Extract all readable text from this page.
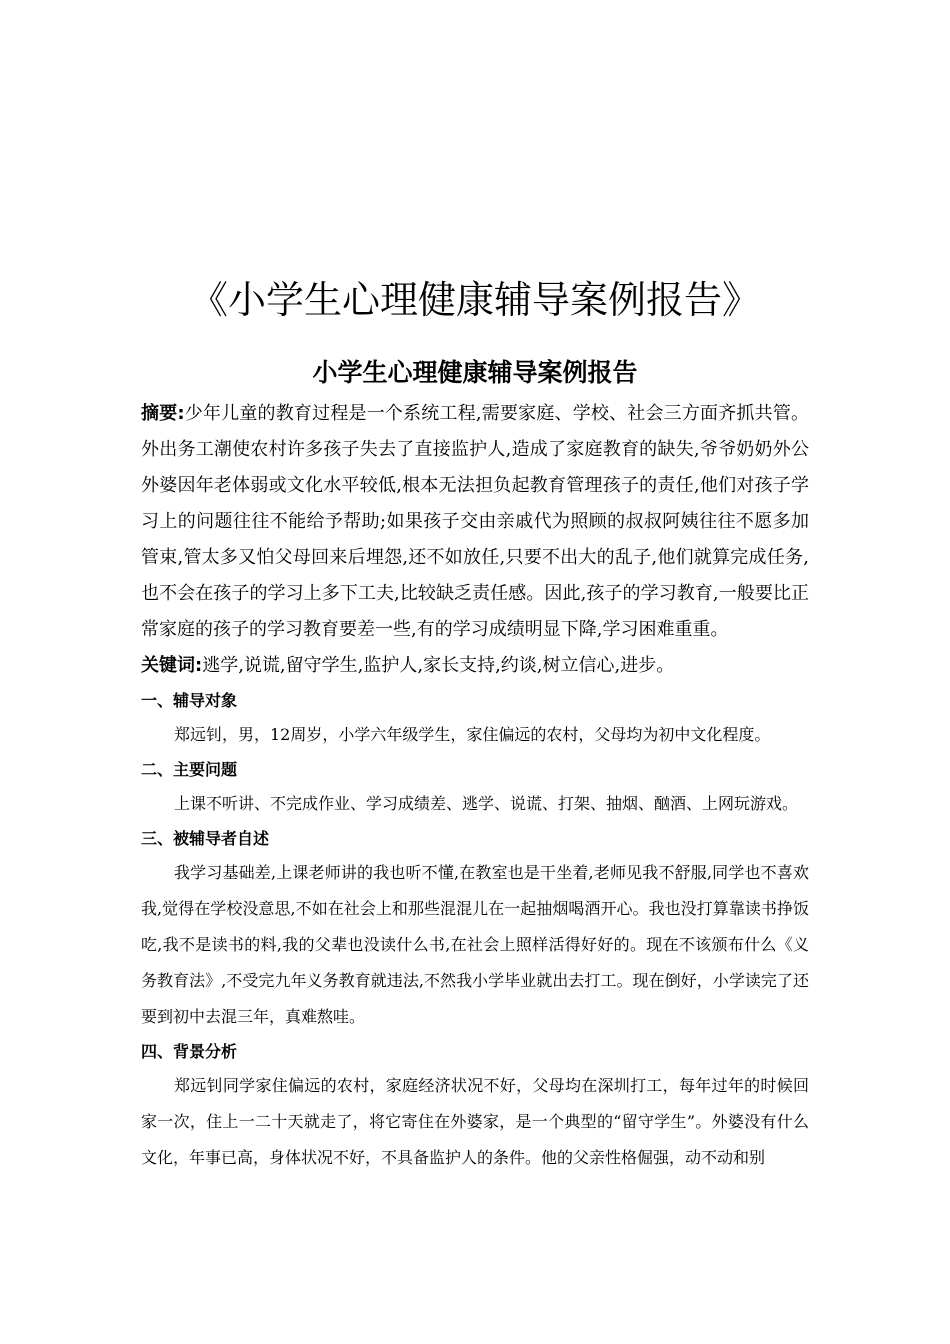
《小学生心理健康辅导案例报告》
小学生心理健康辅导案例报告

摘要:少年儿童的教育过程是一个系统工程,需要家庭、学校、社会三方面齐抓共管。外出务工潮使农村许多孩子失去了直接监护人,造成了家庭教育的缺失,爷爷奶奶外公外婆因年老体弱或文化水平较低,根本无法担负起教育管理孩子的责任,他们对孩子学习上的问题往往不能给予帮助;如果孩子交由亲戚代为照顾的叔叔阿姨往往不愿多加管束,管太多又怕父母回来后埋怨,还不如放任,只要不出大的乱子,他们就算完成任务,也不会在孩子的学习上多下工夫,比较缺乏责任感。因此,孩子的学习教育,一般要比正常家庭的孩子的学习教育要差一些,有的学习成绩明显下降,学习困难重重。

关键词:逃学,说谎,留守学生,监护人,家长支持,约谈,树立信心,进步。

一、辅导对象

郑远钊，男，12周岁，小学六年级学生，家住偏远的农村，父母均为初中文化程度。

二、主要问题

上课不听讲、不完成作业、学习成绩差、逃学、说谎、打架、抽烟、酗酒、上网玩游戏。

三、被辅导者自述

我学习基础差,上课老师讲的我也听不懂,在教室也是干坐着,老师见我不舒服,同学也不喜欢我,觉得在学校没意思,不如在社会上和那些混混儿在一起抽烟喝酒开心。我也没打算靠读书挣饭吃,我不是读书的料,我的父辈也没读什么书,在社会上照样活得好好的。现在不该颁布什么《义务教育法》,不受完九年义务教育就违法,不然我小学毕业就出去打工。现在倒好，小学读完了还要到初中去混三年，真难熬哇。

四、背景分析

郑远钊同学家住偏远的农村，家庭经济状况不好，父母均在深圳打工，每年过年的时候回家一次，住上一二十天就走了，将它寄住在外婆家，是一个典型的“留守学生”。外婆没有什么文化，年事已高，身体状况不好，不具备监护人的条件。他的父亲性格倔强，动不动和别
